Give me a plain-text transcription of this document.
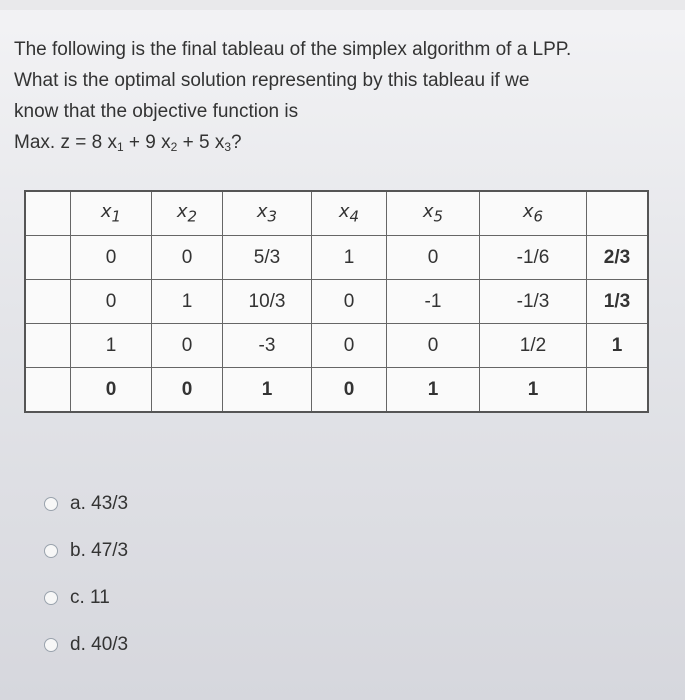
The following is the final tableau of the simplex algorithm of a LPP.
What is the optimal solution representing by this tableau if we
know that the objective function is
Max. z = 8 $x_1 + 9$ $x_2 + 5$ $x_3$?
	$x_1$	$x_2$	$x_3$	$x_4$	$x_5$	$x_6$	
	0	0	5/3	1	0	-1/6	2/3
	0	1	10/3	0	-1	-1/3	1/3
	1	0	-3	0	0	1/2	1
	0	0	1	0	1	1	
a. 43/3
b. 47/3
c. 11
d. 40/3
